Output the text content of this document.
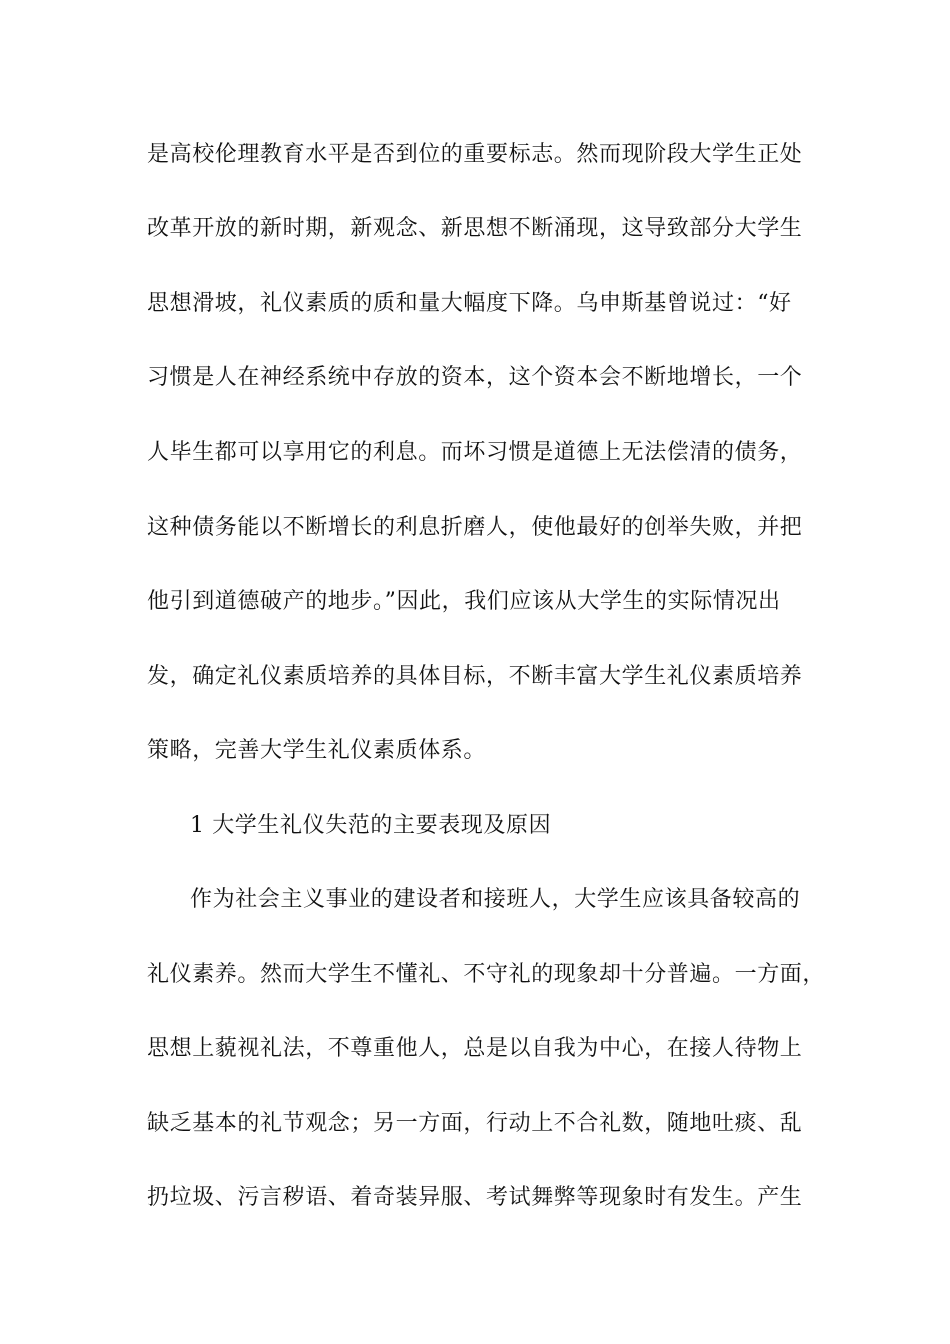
是高校伦理教育水平是否到位的重要标志。然而现阶段大学生正处
改革开放的新时期，新观念、新思想不断涌现，这导致部分大学生
思想滑坡，礼仪素质的质和量大幅度下降。乌申斯基曾说过：“好
习惯是人在神经系统中存放的资本，这个资本会不断地增长，一个
人毕生都可以享用它的利息。而坏习惯是道德上无法偿清的债务，
这种债务能以不断增长的利息折磨人，使他最好的创举失败，并把
他引到道德破产的地步。”因此，我们应该从大学生的实际情况出
发，确定礼仪素质培养的具体目标，不断丰富大学生礼仪素质培养
策略，完善大学生礼仪素质体系。
1 大学生礼仪失范的主要表现及原因
作为社会主义事业的建设者和接班人，大学生应该具备较高的
礼仪素养。然而大学生不懂礼、不守礼的现象却十分普遍。一方面，
思想上藐视礼法，不尊重他人，总是以自我为中心，在接人待物上
缺乏基本的礼节观念；另一方面，行动上不合礼数，随地吐痰、乱
扔垃圾、污言秽语、着奇装异服、考试舞弊等现象时有发生。产生
